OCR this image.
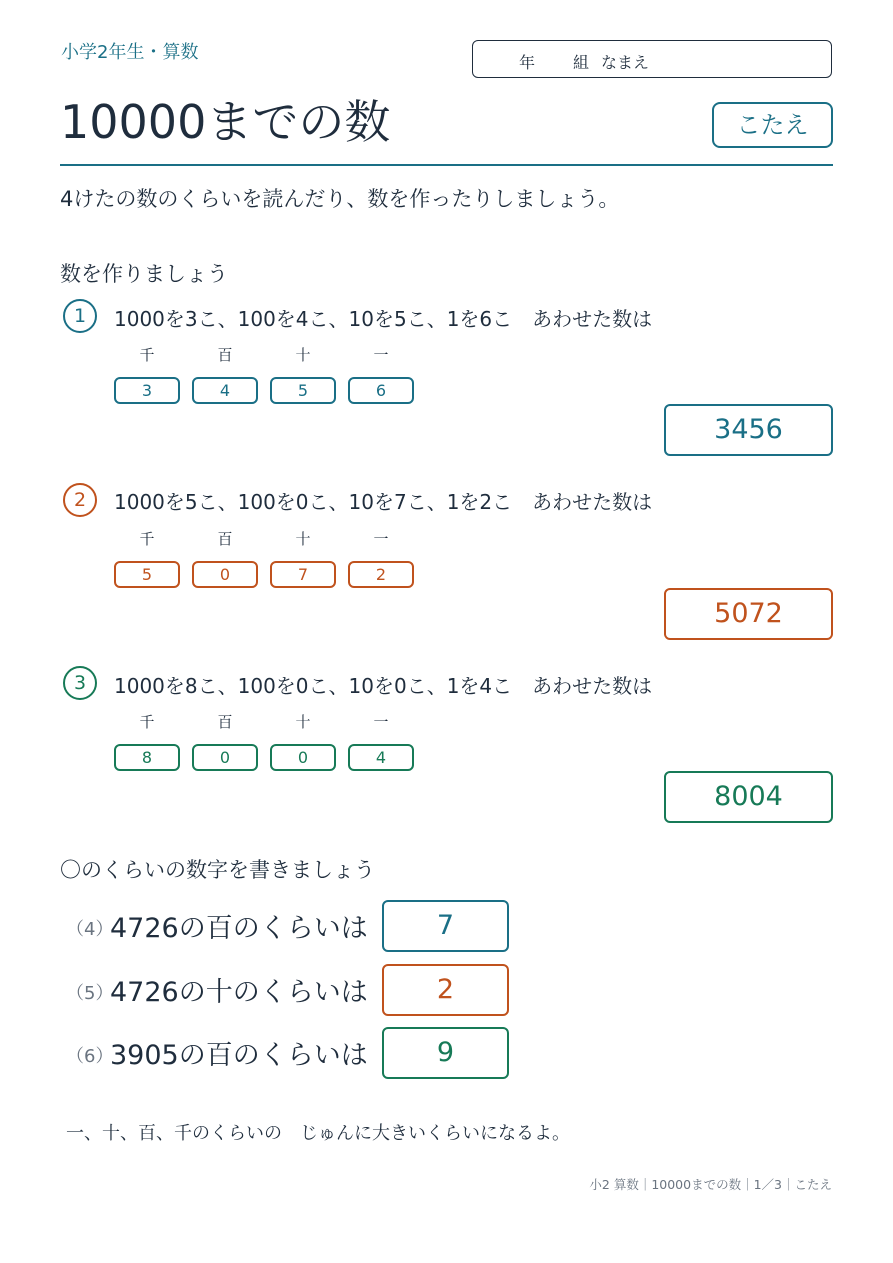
小学2年生・算数	年 組 なまえ
10000までの数	こたえ
4けたの数のくらいを読んだり、数を作ったりしましょう。
数を作りましょう
1	1000を3こ、100を4こ、10を5こ、1を6こ　あわせた数は
千	百	十	一
3	4	5	6
3456
2	1000を5こ、100を0こ、10を7こ、1を2こ　あわせた数は
千	百	十	一
5	0	7	2
5072
3	1000を8こ、100を0こ、10を0こ、1を4こ　あわせた数は
千	百	十	一
8	0	0	4
8004
〇のくらいの数字を書きましょう
（4）
4726の百のくらいは	7
（5）
4726の十のくらいは	2
（6）
3905の百のくらいは	9
一、十、百、千のくらいの　じゅんに大きいくらいになるよ。
小2 算数｜10000までの数｜1／3｜こたえ
